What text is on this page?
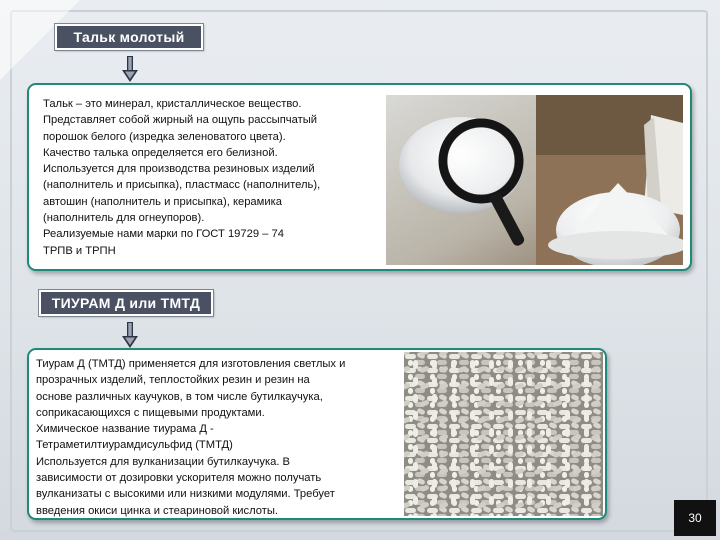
Тальк молотый
Тальк – это минерал, кристаллическое вещество.
Представляет собой жирный на ощупь рассыпчатый
порошок белого (изредка зеленоватого цвета).
Качество талька определяется его белизной.
Используется для производства резиновых изделий
(наполнитель и присыпка), пластмасс (наполнитель),
автошин (наполнитель и присыпка), керамика
(наполнитель для огнеупоров).
Реализуемые нами марки по ГОСТ 19729 – 74
ТРПВ и ТРПН
ТИУРАМ Д или ТМТД
Тиурам Д (ТМТД) применяется для изготовления светлых и
прозрачных изделий, теплостойких резин и резин на
основе различных каучуков, в том числе бутилкаучука,
соприкасающихся с пищевыми продуктами.
Химическое название тиурама Д -
Тетраметилтиурамдисульфид (ТМТД)
Используется для вулканизации бутилкаучука. В
зависимости от дозировки ускорителя можно получать
вулканизаты с высокими или низкими модулями. Требует
введения окиси цинка и стеариновой кислоты.
30
